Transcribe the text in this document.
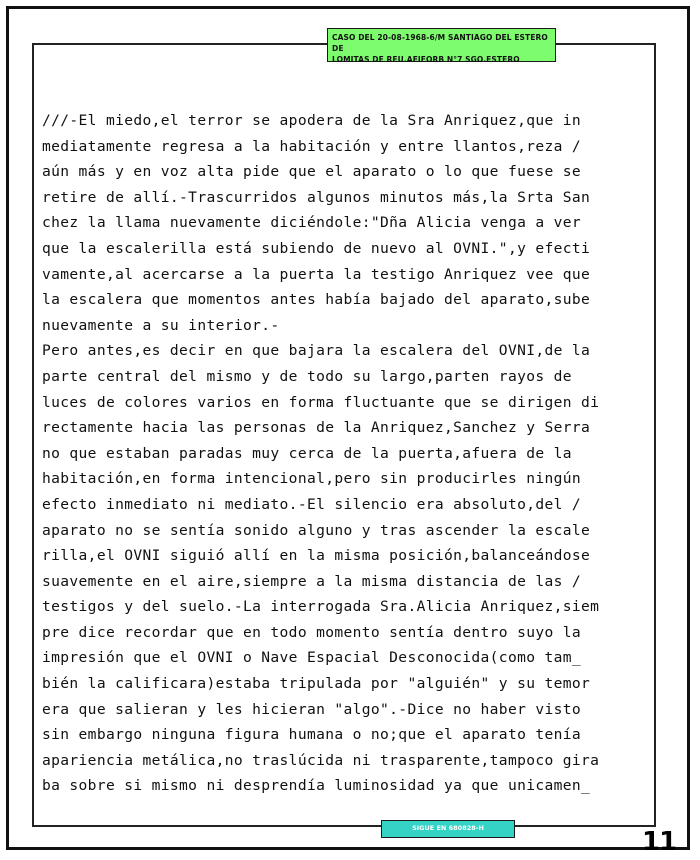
CASO DEL 20-08-1968-6/M SANTIAGO DEL ESTERO DE
LOMITAS DE REU.AEIFORB N°7 SGO.ESTERO
///-El miedo,el terror se apodera de la Sra Anriquez,que in
mediatamente regresa a la habitación y entre llantos,reza /
aún más y en voz alta pide que el aparato o lo que fuese se
retire de allí.-Trascurridos algunos minutos más,la Srta San
chez la llama nuevamente diciéndole:"Dña Alicia venga a ver
que la escalerilla está subiendo de nuevo al OVNI.",y efecti
vamente,al acercarse a la puerta la testigo Anriquez vee que
la escalera que momentos antes había bajado del aparato,sube
nuevamente a su interior.-
Pero antes,es decir en que bajara la escalera del OVNI,de la
parte central del mismo y de todo su largo,parten rayos de
luces de colores varios en forma fluctuante que se dirigen di
rectamente hacia las personas de la Anriquez,Sanchez y Serra
no que estaban paradas muy cerca de la puerta,afuera de la
habitación,en forma intencional,pero sin producirles ningún
efecto inmediato ni mediato.-El silencio era absoluto,del /
aparato no se sentía sonido alguno y tras ascender la escale
rilla,el OVNI siguió allí en la misma posición,balanceándose
suavemente en el aire,siempre a la misma distancia de las /
testigos y del suelo.-La interrogada Sra.Alicia Anriquez,siem
pre dice recordar que en todo momento sentía dentro suyo la
impresión que el OVNI o Nave Espacial Desconocida(como tam_
bién la calificara)estaba tripulada por "alguién" y su temor
era que salieran y les hicieran "algo".-Dice no haber visto
sin embargo ninguna figura humana o no;que el aparato tenía
apariencia metálica,no traslúcida ni trasparente,tampoco gira
ba sobre si mismo ni desprendía luminosidad ya que unicamen_
SIGUE EN 680828-H	11
